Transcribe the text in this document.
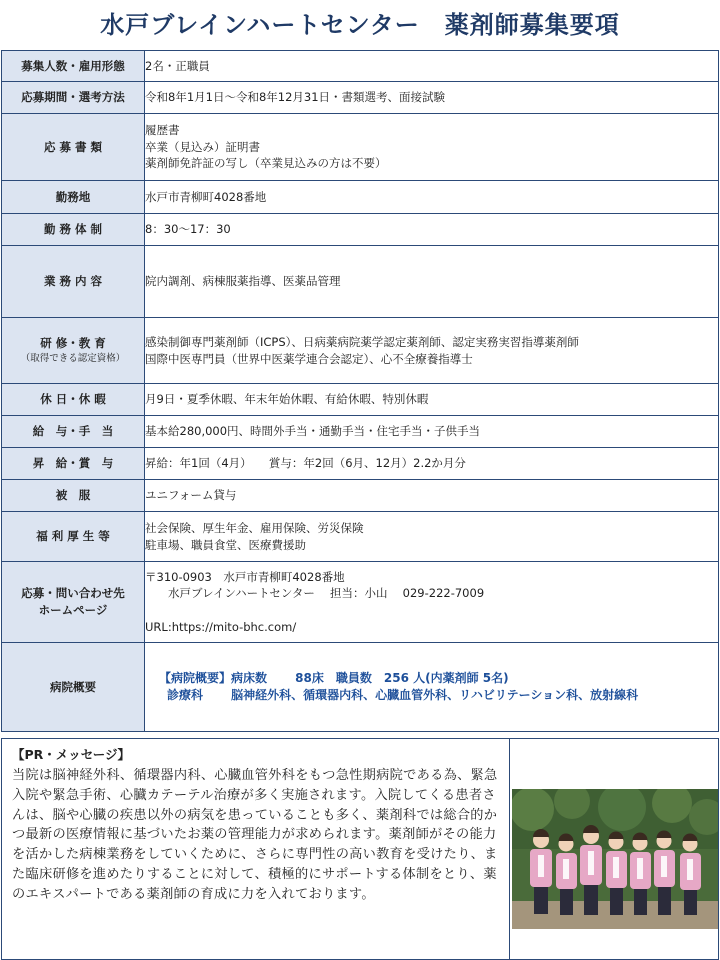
水戸ブレインハートセンター　薬剤師募集要項
募集人数・雇用形態	2名・正職員

応募期間・選考方法	令和8年1月1日～令和8年12月31日・書類選考、面接試験

応 募 書 類	履歴書
卒業（見込み）証明書
薬剤師免許証の写し（卒業見込みの方は不要）

勤務地	水戸市青柳町4028番地

勤 務 体 制	8：30～17：30

業 務 内 容	院内調剤、病棟服薬指導、医薬品管理

研 修・教 育
（取得できる認定資格）	感染制御専門薬剤師（ICPS）、日病薬病院薬学認定薬剤師、認定実務実習指導薬剤師
国際中医専門員（世界中医薬学連合会認定）、心不全療養指導士

休 日・休 暇	月9日・夏季休暇、年末年始休暇、有給休暇、特別休暇

給　与・手　当	基本給280,000円、時間外手当・通勤手当・住宅手当・子供手当

昇　給・賞　与	昇給：年1回（4月）　　賞与：年2回（6月、12月）2.2か月分

被　服	ユニフォーム貸与

福 利 厚 生 等	社会保険、厚生年金、雇用保険、労災保険
駐車場、職員食堂、医療費援助

応募・問い合わせ先
ホームページ	〒310-0903　水戸市青柳町4028番地
　　水戸ブレインハートセンター　 担当：小山　 029-222-7009

URL:https://mito-bhc.com/

病院概要	【病院概要】病床数　　 88床　職員数　256 人(内薬剤師 5名)
診療科　　 脳神経外科、循環器内科、心臓血管外科、リハビリテーション科、放射線科
【PR・メッセージ】
当院は脳神経外科、循環器内科、心臓血管外科をもつ急性期病院である為、緊急入院や緊急手術、心臓カテーテル治療が多く実施されます。入院してくる患者さんは、脳や心臓の疾患以外の病気を患っていることも多く、薬剤科では総合的かつ最新の医療情報に基づいたお薬の管理能力が求められます。薬剤師がその能力を活かした病棟業務をしていくために、さらに専門性の高い教育を受けたり、また臨床研修を進めたりすることに対して、積極的にサポートする体制をとり、薬のエキスパートである薬剤師の育成に力を入れております。
